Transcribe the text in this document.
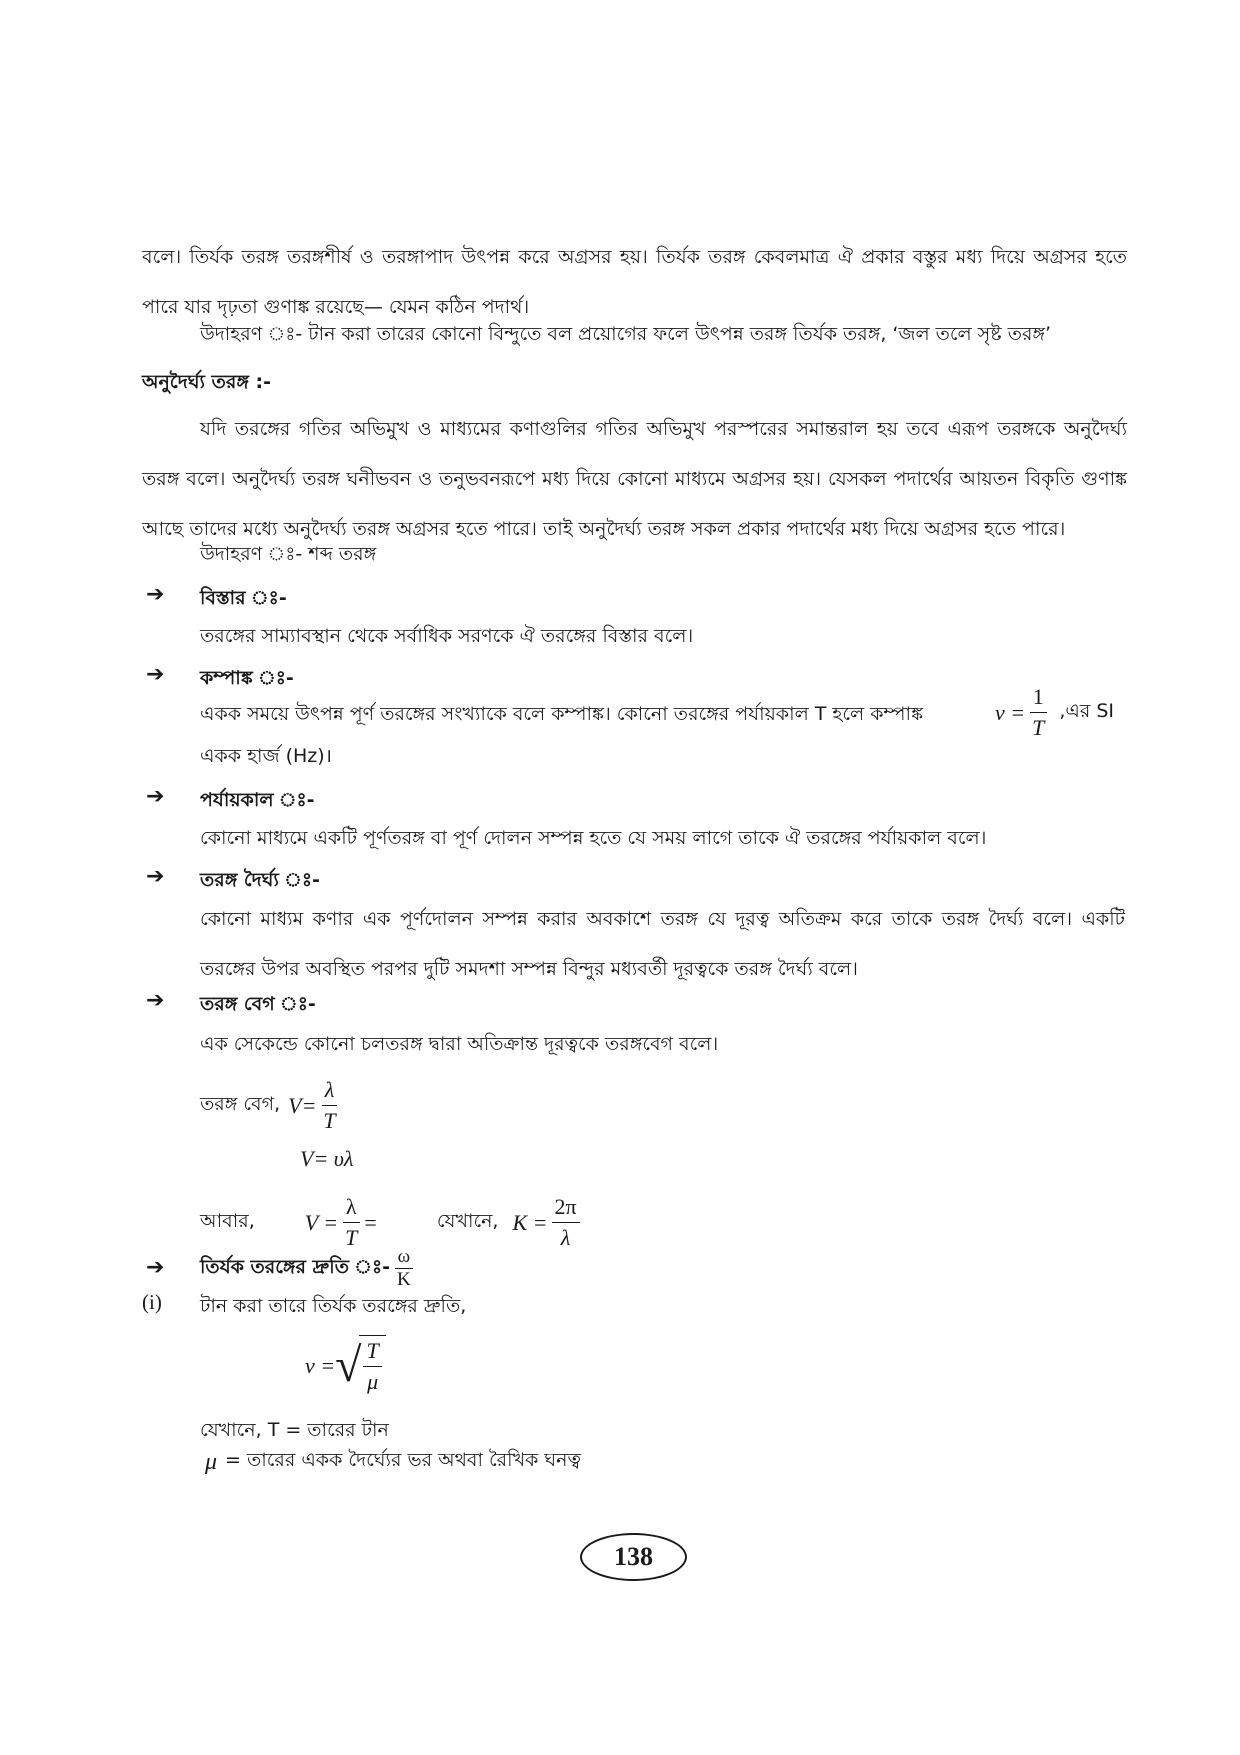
বলে। তির্যক তরঙ্গ তরঙ্গশীর্ষ ও তরঙ্গাপাদ উৎপন্ন করে অগ্রসর হয়। তির্যক তরঙ্গ কেবলমাত্র ঐ প্রকার বস্তুর মধ্য দিয়ে অগ্রসর হতে পারে যার দৃঢ়তা গুণাঙ্ক রয়েছে— যেমন কঠিন পদার্থ।
উদাহরণ ঃ- টান করা তারের কোনো বিন্দুতে বল প্রয়োগের ফলে উৎপন্ন তরঙ্গ তির্যক তরঙ্গ, ‘জল তলে সৃষ্ট তরঙ্গ’
অনুদৈর্ঘ্য তরঙ্গ :-
যদি তরঙ্গের গতির অভিমুখ ও মাধ্যমের কণাগুলির গতির অভিমুখ পরস্পরের সমান্তরাল হয় তবে এরূপ তরঙ্গকে অনুদৈর্ঘ্য তরঙ্গ বলে। অনুদৈর্ঘ্য তরঙ্গ ঘনীভবন ও তনুভবনরূপে মধ্য দিয়ে কোনো মাধ্যমে অগ্রসর হয়। যেসকল পদার্থের আয়তন বিকৃতি গুণাঙ্ক আছে তাদের মধ্যে অনুদৈর্ঘ্য তরঙ্গ অগ্রসর হতে পারে। তাই অনুদৈর্ঘ্য তরঙ্গ সকল প্রকার পদার্থের মধ্য দিয়ে অগ্রসর হতে পারে।
উদাহরণ ঃ- শব্দ তরঙ্গ
➔ বিস্তার ঃ-
তরঙ্গের সাম্যাবস্থান থেকে সর্বাধিক সরণকে ঐ তরঙ্গের বিস্তার বলে।
➔ কম্পাঙ্ক ঃ-
একক সময়ে উৎপন্ন পূর্ণ তরঙ্গের সংখ্যাকে বলে কম্পাঙ্ক। কোনো তরঙ্গের পর্যায়কাল T হলে কম্পাঙ্ক	$\nu = \frac{1}{T}$ ,এর SI
একক হার্জ (Hz)।
➔ পর্যায়কাল ঃ-
কোনো মাধ্যমে একটি পূর্ণতরঙ্গ বা পূর্ণ দোলন সম্পন্ন হতে যে সময় লাগে তাকে ঐ তরঙ্গের পর্যায়কাল বলে।
➔ তরঙ্গ দৈর্ঘ্য ঃ-
কোনো মাধ্যম কণার এক পূর্ণদোলন সম্পন্ন করার অবকাশে তরঙ্গ যে দূরত্ব অতিক্রম করে তাকে তরঙ্গ দৈর্ঘ্য বলে। একটি তরঙ্গের উপর অবস্থিত পরপর দুটি সমদশা সম্পন্ন বিন্দুর মধ্যবর্তী দূরত্বকে তরঙ্গ দৈর্ঘ্য বলে।
➔ তরঙ্গ বেগ ঃ-
এক সেকেন্ডে কোনো চলতরঙ্গ দ্বারা অতিক্রান্ত দূরত্বকে তরঙ্গবেগ বলে।
তরঙ্গ বেগ, $V= \frac{\lambda}{T}$
V= υλ
আবার, $V = \frac{\lambda}{T}$ =	যেখানে, $K = \frac{2\pi}{\lambda}$
➔ তির্যক তরঙ্গের দ্রুতি ঃ- $\frac{\omega}{K}$
(i) টান করা তারে তির্যক তরঙ্গের দ্রুতি,
v = √
$\frac{T}{\mu}$
যেখানে, T = তারের টান
μ = তারের একক দৈর্ঘ্যের ভর অথবা রৈখিক ঘনত্ব
138
